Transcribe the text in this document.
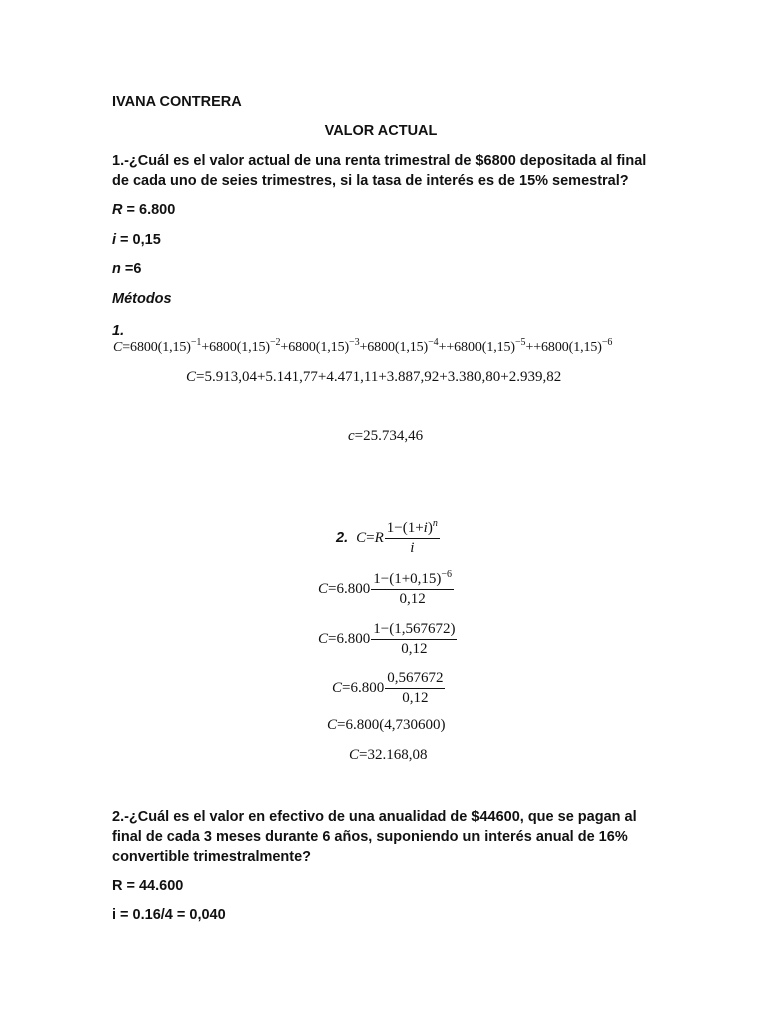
IVANA CONTRERA
VALOR ACTUAL
1.-¿Cuál es el valor actual de una renta trimestral de $6800 depositada al final
de cada uno de seies trimestres, si la tasa de interés es de 15% semestral?
R = 6.800
i = 0,15
n =6
Métodos
1.
$C=6800(1,15)^{-1}+6800(1,15)^{-2}+6800(1,15)^{-3}+6800(1,15)^{-4}++6800(1,15)^{-5}++6800(1,15)^{-6}$
C=5.913,04+5.141,77+4.471,11+3.887,92+3.380,80+2.939,82
c=25.734,46
2. $C=R \frac{1-(1+i)^n}{i}$
$C=6.800 \frac{1-(1+0,15)^{-6}}{0,12}$
$C=6.800 \frac{1-(1,567672)}{0,12}$
$C=6.800 \frac{0,567672}{0,12}$
C=6.800(4,730600)
C=32.168,08
2.-¿Cuál es el valor en efectivo de una anualidad de $44600, que se pagan al
final de cada 3 meses durante 6 años, suponiendo un interés anual de 16%
convertible trimestralmente?
R = 44.600
i = 0.16/4 = 0,040
